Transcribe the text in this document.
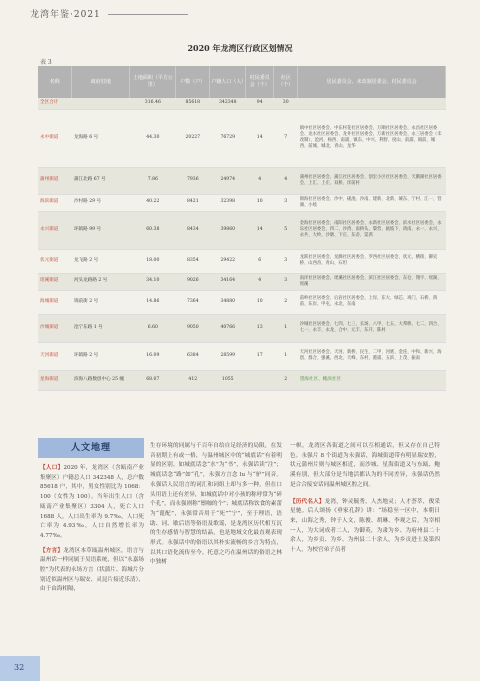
龙湾年鉴·2021
2020 年龙湾区行政区划情况
表 3
名称	政府驻地	土地面积（平方公里）	户数（户）	户籍人口（人）	村民委员会（个）	社区（个）	居民委员会、未改制居委会、村民委员会
全区合计		316.46	85618	342348	94	30	
永中街道	龙海路 6 号	44.30	20227	76729	14	7	镇中社区居委会、中东村花社区居委会、万顺社区居委会、永昌社区居委会、龙水社区居委会、龙井社区居委会、万新社区居委会、永三居委会（未改制）、沧河、杨西、南浦、镇东、中兴、利智、度山、前浦、镇前、城西、前城、城北、青山、龙华
蒲州街道	蒲江北路 67 号	7.86	7936	24974	4	4	蒲州社区居委会、蒲江社区居委会、创宏小区社区居委会、天鹅湖社区居委会、上汇、上庄、双桥、洋前村
海滨街道	沙村路 29 号	40.22	8421	32398	10	3	锦海社区居委会、沙中、砚池、沙南、建新、北新、城东、宁村、江一、营湖、小岐
永兴街道	环镇路 99 号	60.38	8434	39860	14	5	金海社区居委会、南阳社区居委会、永新社区居委会、滨水社区居委会、永乐社区居委会、四二、沙湾、南桥头、黎营、瓯坡下、鸿南、永一、永兴、永共、大岭、沙塘、下庄、东岙、渠鸿
状元街道	龙飞路 2 号	18.00	8354	29422	6	3	龙跃社区居委会、龙腾社区居委会、罗西社区居委会、状元、横街、御史桥、山西岙、青山、石坦
瑶溪街道	河头龙路路 2 号	34.10	9026	34164	4	3	南洋社区居委会、瑶溪社区居委会、滨江社区居委会、东仓、翔宇、瑶湖、瑶溪
海城街道	锦前街 2 号	14.86	7364	34880	10	2	前岭社区居委会、后岩社区居委会、上岸、东大、绿芯、鸡门、石桥、鸿前、东岸、甲屯、永北、东南
沙城街道	沧宁东路 1 号	6.60	9050	40766	13	1	沙城社区居委会、七四、七三、长场、八甲、七五、大邦桥、七二、四合、七一、永丰、永龙、合中、元丰、东开、陈村
天河街道	环镇路 2 号	16.09	6384	28599	17	1	天河社区居委会、天河、新桥、民生、二甲、河底、金连、中和、新兴、海创、群合、强溪、西北、天峰、东村、港浦、五滨、上茂、振南
星海街道	滨海八路数创中心 25 幢	68.07	412	1055		2	望海社区、鲍滨社区
人文地理

【人口】2020 年，龙湾区（含瓯南产业集聚区）户籍总人口 342348 人，总户数 85618 户，其中，男女性别比为 1068：100（女性为 100）。当年出生人口（含瓯南产业集聚区）3304 人，死亡人口 1688 人，人口出生率为 9.7‰，人口死亡率为 4.93‰，人口自然增长率为 4.77‰。

【方言】龙湾区本草瓯温州城区，语言与温州话一样同属于吴语系统，但以“永嘉场腔”为代表的永场方言（状蒲片、海城片分别近似温州区与瑞安、灵昆片接近乐清），由于由海相隔，

生存环境的同属与千百年自给自足经济的局限，在发音初期上有或一格，与温州城区中的“城底话”有着明显的区别。如城底话念“水”为“书”，永强话读“注”；城底话念“路”如“孔”，永强方言念 lu 与“驴”同音。永强话人民语言的词汇和词组上却与多一种，但在口头用语上还有差异，如城底话中对小孩的称呼常为“碎个孔”，而永强则称“鬃咖的个”；城底话称饮食的素蕾为“蓖配”，永强常音用于“死”“宁”，至于理语，语助、词、歇后语等俗语及歌谣，是龙湾区历代相互沉的生存感情与智慧的结晶，也是地域文化最直观表现形式。永强话中的俗语以其朴实流畅的乡言为特点，以其口语化流传至今。托意之巧在温州话的俗语之林中独树

一帜。龙湾区各街道之间可以互相通话，但又存在自己特色。永强片 8 个街道为永强话，海城街道带有明显瑞安腔，状元蒲州片则与城区相近，而沙城、星海街道又与东瓯、鲍溪有别，但大部分是当地活都认为的不同差异，永强话仍然是合合接安话同温州城区腔之间。

【历代名人】龙湾，钟灵毓秀，人杰地灵；人才荟萃，俊采星驰。后人颂扬《垂家孔辞》讲：“场稳至一区中，本朝日来，山海之秀，钟于人文，陈俊、胡琳、李观之后，为宰相一人，为大词成者二人，为御英，为肃为乡、为府州县二十余人，为乡贡、为乡、为州县二十余人，为乡贡进士及第四十人，为校官弟子员者

32
